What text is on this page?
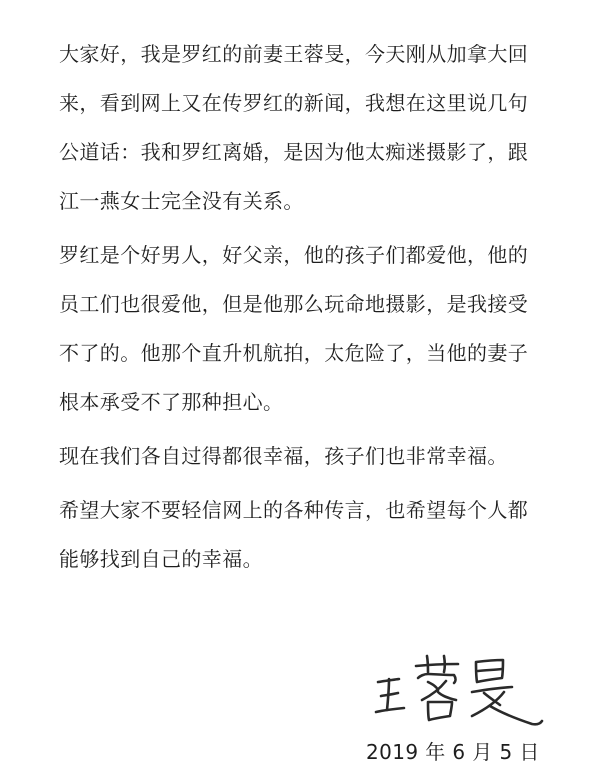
大家好，我是罗红的前妻王蓉旻，今天刚从加拿大回
来，看到网上又在传罗红的新闻，我想在这里说几句
公道话：我和罗红离婚，是因为他太痴迷摄影了，跟
江一燕女士完全没有关系。
罗红是个好男人，好父亲，他的孩子们都爱他，他的
员工们也很爱他，但是他那么玩命地摄影，是我接受
不了的。他那个直升机航拍，太危险了，当他的妻子
根本承受不了那种担心。
现在我们各自过得都很幸福，孩子们也非常幸福。
希望大家不要轻信网上的各种传言，也希望每个人都
能够找到自己的幸福。
2019 年 6 月 5 日
